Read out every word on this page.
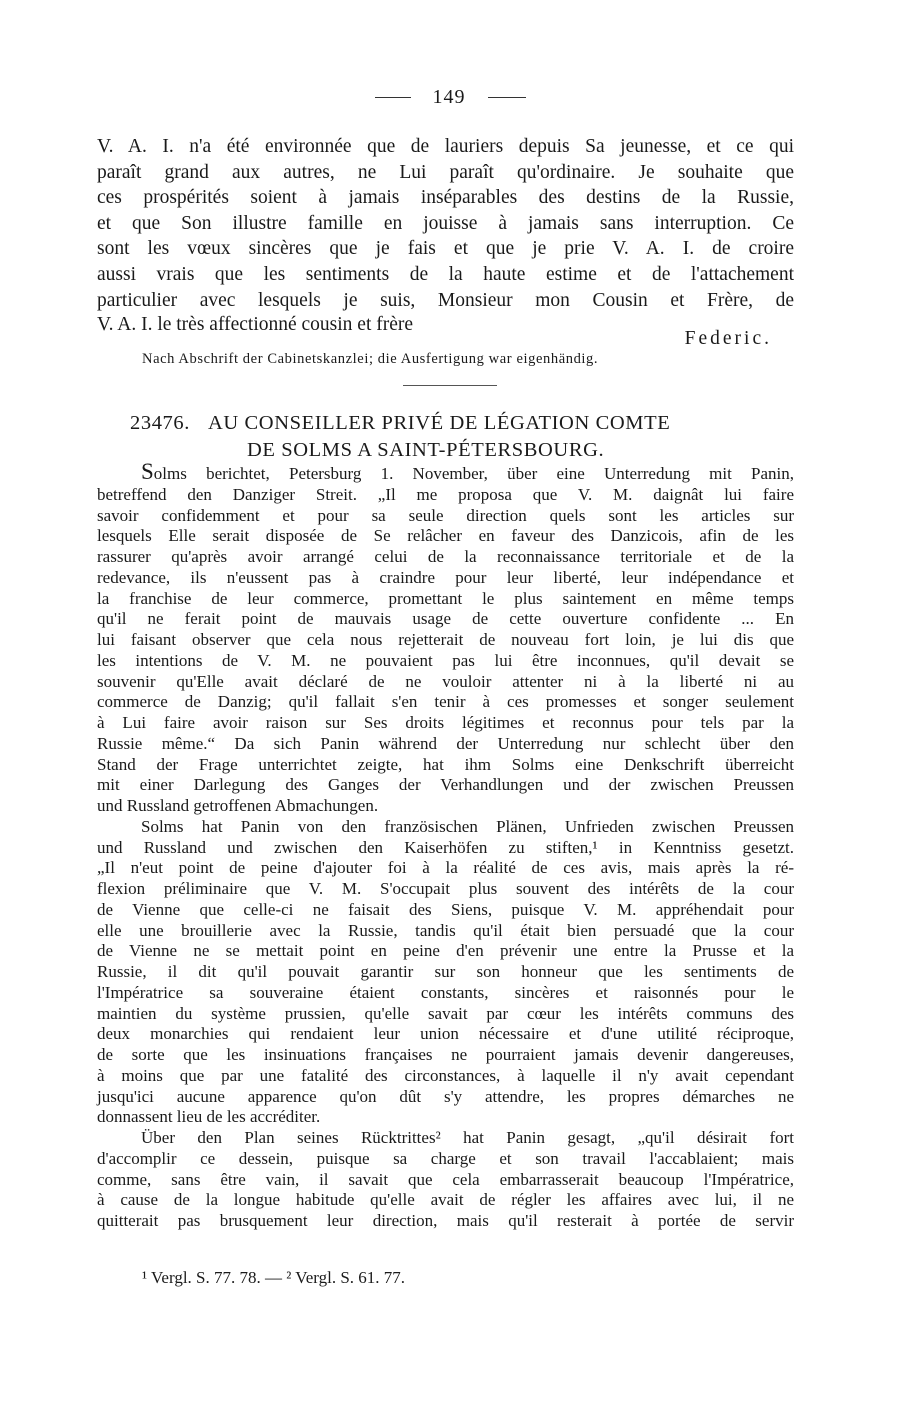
149
V. A. I. n'a été environnée que de lauriers depuis Sa jeunesse, et ce qui
paraît grand aux autres, ne Lui paraît qu'ordinaire. Je souhaite que
ces prospérités soient à jamais inséparables des destins de la Russie,
et que Son illustre famille en jouisse à jamais sans interruption. Ce
sont les vœux sincères que je fais et que je prie V. A. I. de croire
aussi vrais que les sentiments de la haute estime et de l'attachement
particulier avec lesquels je suis, Monsieur mon Cousin et Frère, de
V. A. I. le très affectionné cousin et frère
Federic.
Nach Abschrift der Cabinetskanzlei; die Ausfertigung war eigenhändig.
23476. AU CONSEILLER PRIVÉ DE LÉGATION COMTE
DE SOLMS A SAINT-PÉTERSBOURG.
Solms berichtet, Petersburg 1. November, über eine Unterredung mit Panin,
betreffend den Danziger Streit. „Il me proposa que V. M. daignât lui faire
savoir confidemment et pour sa seule direction quels sont les articles sur
lesquels Elle serait disposée de Se relâcher en faveur des Danzicois, afin de les
rassurer qu'après avoir arrangé celui de la reconnaissance territoriale et de la
redevance, ils n'eussent pas à craindre pour leur liberté, leur indépendance et
la franchise de leur commerce, promettant le plus saintement en même temps
qu'il ne ferait point de mauvais usage de cette ouverture confidente ... En
lui faisant observer que cela nous rejetterait de nouveau fort loin, je lui dis que
les intentions de V. M. ne pouvaient pas lui être inconnues, qu'il devait se
souvenir qu'Elle avait déclaré de ne vouloir attenter ni à la liberté ni au
commerce de Danzig; qu'il fallait s'en tenir à ces promesses et songer seulement
à Lui faire avoir raison sur Ses droits légitimes et reconnus pour tels par la
Russie même.“ Da sich Panin während der Unterredung nur schlecht über den
Stand der Frage unterrichtet zeigte, hat ihm Solms eine Denkschrift überreicht
mit einer Darlegung des Ganges der Verhandlungen und der zwischen Preussen
und Russland getroffenen Abmachungen.
Solms hat Panin von den französischen Plänen, Unfrieden zwischen Preussen
und Russland und zwischen den Kaiserhöfen zu stiften,¹ in Kenntniss gesetzt.
„Il n'eut point de peine d'ajouter foi à la réalité de ces avis, mais après la ré-
flexion préliminaire que V. M. S'occupait plus souvent des intérêts de la cour
de Vienne que celle-ci ne faisait des Siens, puisque V. M. appréhendait pour
elle une brouillerie avec la Russie, tandis qu'il était bien persuadé que la cour
de Vienne ne se mettait point en peine d'en prévenir une entre la Prusse et la
Russie, il dit qu'il pouvait garantir sur son honneur que les sentiments de
l'Impératrice sa souveraine étaient constants, sincères et raisonnés pour le
maintien du système prussien, qu'elle savait par cœur les intérêts communs des
deux monarchies qui rendaient leur union nécessaire et d'une utilité réciproque,
de sorte que les insinuations françaises ne pourraient jamais devenir dangereuses,
à moins que par une fatalité des circonstances, à laquelle il n'y avait cependant
jusqu'ici aucune apparence qu'on dût s'y attendre, les propres démarches ne
donnassent lieu de les accréditer.
Über den Plan seines Rücktrittes² hat Panin gesagt, „qu'il désirait fort
d'accomplir ce dessein, puisque sa charge et son travail l'accablaient; mais
comme, sans être vain, il savait que cela embarrasserait beaucoup l'Impératrice,
à cause de la longue habitude qu'elle avait de régler les affaires avec lui, il ne
quitterait pas brusquement leur direction, mais qu'il resterait à portée de servir
¹ Vergl. S. 77. 78. — ² Vergl. S. 61. 77.
